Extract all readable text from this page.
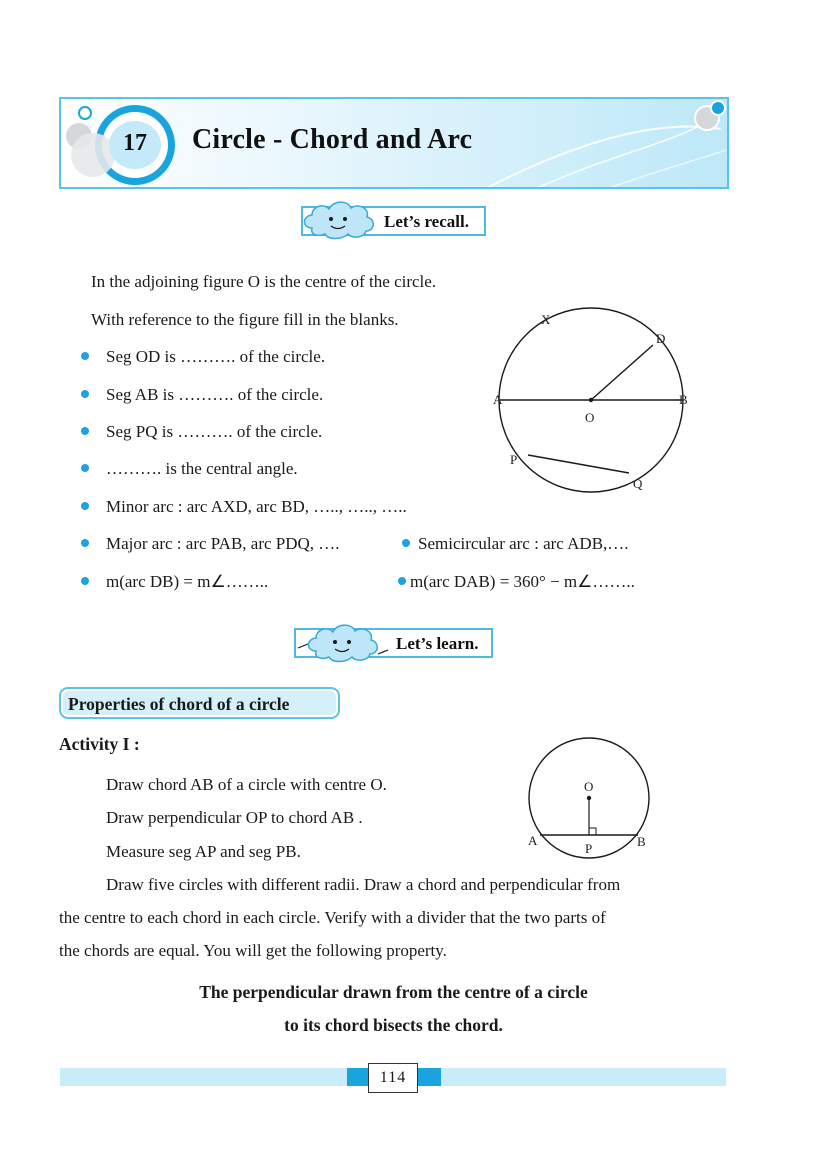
17	Circle - Chord and Arc
Let’s recall.
In the adjoining figure O is the centre of the circle.
With reference to the figure fill in the blanks.
Seg OD is ………. of the circle.
Seg AB is ………. of the circle.
Seg PQ is ………. of the circle.
………. is the central angle.
Minor arc : arc AXD, arc BD, ….., ….., …..
Major arc : arc PAB, arc PDQ, ….	Semicircular arc : arc ADB,….
m(arc DB) = m∠……..	m(arc DAB) = 360° − m∠……..
X
D
A	B
O
P
Q
Let’s learn.
Properties of chord of a circle
Activity I :
Draw chord AB of a circle with centre O.
Draw perpendicular OP to chord AB .
Measure seg AP and seg PB.
O
A
P	B
Draw five circles with different radii. Draw a chord and perpendicular from
the centre to each chord in each circle. Verify with a divider that the two parts of
the chords are equal. You will get the following property.
The perpendicular drawn from the centre of a circle
to its chord bisects the chord.
114
